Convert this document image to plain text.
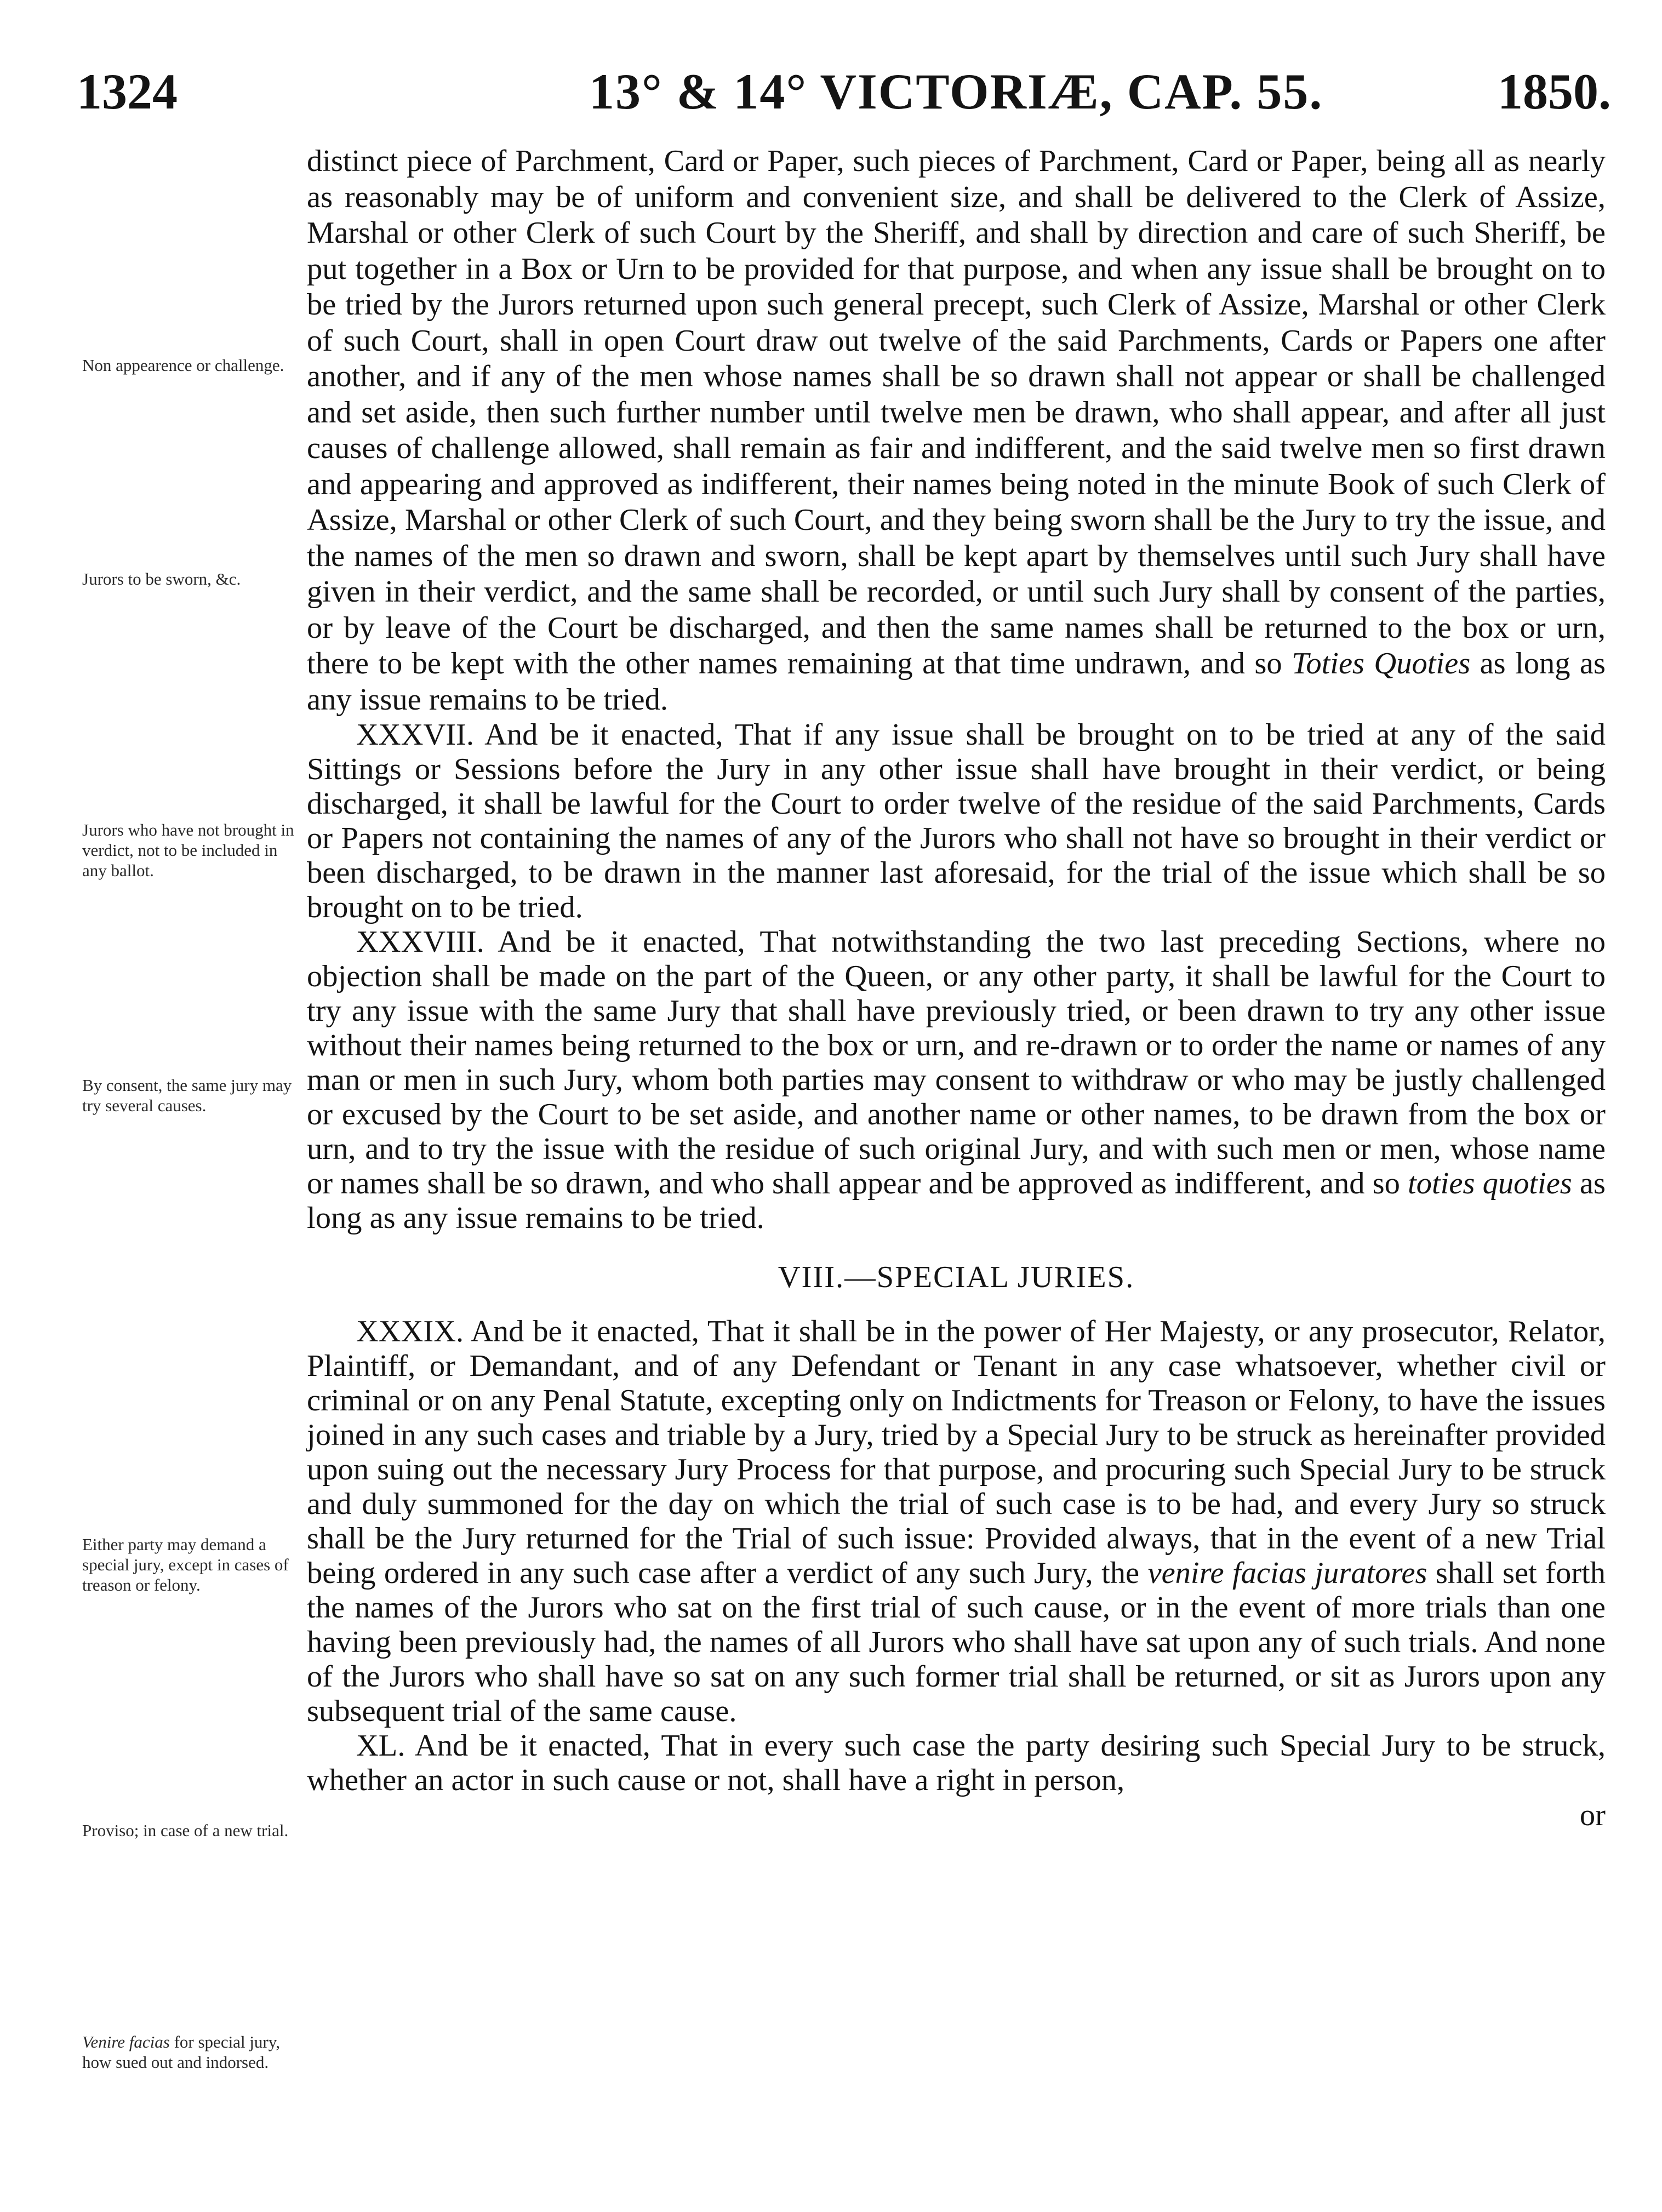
1324	13° & 14° VICTORIÆ, CAP. 55.	1850.
Non appearence or challenge.
Jurors to be sworn, &c.
Jurors who have not brought in verdict, not to be included in any ballot.
By consent, the same jury may try several causes.
Either party may demand a special jury, except in cases of treason or felony.
Proviso; in case of a new trial.
Venire facias for special jury, how sued out and indorsed.

distinct piece of Parchment, Card or Paper, such pieces of Parchment, Card or Paper, being all as nearly as reasonably may be of uniform and convenient size, and shall be delivered to the Clerk of Assize, Marshal or other Clerk of such Court by the Sheriff, and shall by direction and care of such Sheriff, be put together in a Box or Urn to be provided for that purpose, and when any issue shall be brought on to be tried by the Jurors returned upon such general precept, such Clerk of Assize, Marshal or other Clerk of such Court, shall in open Court draw out twelve of the said Parchments, Cards or Papers one after another, and if any of the men whose names shall be so drawn shall not appear or shall be challenged and set aside, then such further number until twelve men be drawn, who shall appear, and after all just causes of challenge allowed, shall remain as fair and indifferent, and the said twelve men so first drawn and appearing and approved as indifferent, their names being noted in the minute Book of such Clerk of Assize, Marshal or other Clerk of such Court, and they being sworn shall be the Jury to try the issue, and the names of the men so drawn and sworn, shall be kept apart by themselves until such Jury shall have given in their verdict, and the same shall be recorded, or until such Jury shall by consent of the parties, or by leave of the Court be discharged, and then the same names shall be returned to the box or urn, there to be kept with the other names remaining at that time undrawn, and so Toties Quoties as long as any issue remains to be tried.

XXXVII. And be it enacted, That if any issue shall be brought on to be tried at any of the said Sittings or Sessions before the Jury in any other issue shall have brought in their verdict, or being discharged, it shall be lawful for the Court to order twelve of the residue of the said Parchments, Cards or Papers not containing the names of any of the Jurors who shall not have so brought in their verdict or been discharged, to be drawn in the manner last aforesaid, for the trial of the issue which shall be so brought on to be tried.

XXXVIII. And be it enacted, That notwithstanding the two last preceding Sections, where no objection shall be made on the part of the Queen, or any other party, it shall be lawful for the Court to try any issue with the same Jury that shall have previously tried, or been drawn to try any other issue without their names being returned to the box or urn, and re-drawn or to order the name or names of any man or men in such Jury, whom both parties may consent to withdraw or who may be justly challenged or excused by the Court to be set aside, and another name or other names, to be drawn from the box or urn, and to try the issue with the residue of such original Jury, and with such men or men, whose name or names shall be so drawn, and who shall appear and be approved as indifferent, and so toties quoties as long as any issue remains to be tried.

VIII.—SPECIAL JURIES.

XXXIX. And be it enacted, That it shall be in the power of Her Majesty, or any prosecutor, Relator, Plaintiff, or Demandant, and of any Defendant or Tenant in any case whatsoever, whether civil or criminal or on any Penal Statute, excepting only on Indictments for Treason or Felony, to have the issues joined in any such cases and triable by a Jury, tried by a Special Jury to be struck as hereinafter provided upon suing out the necessary Jury Process for that purpose, and procuring such Special Jury to be struck and duly summoned for the day on which the trial of such case is to be had, and every Jury so struck shall be the Jury returned for the Trial of such issue: Provided always, that in the event of a new Trial being ordered in any such case after a verdict of any such Jury, the venire facias juratores shall set forth the names of the Jurors who sat on the first trial of such cause, or in the event of more trials than one having been previously had, the names of all Jurors who shall have sat upon any of such trials. And none of the Jurors who shall have so sat on any such former trial shall be returned, or sit as Jurors upon any subsequent trial of the same cause.

XL. And be it enacted, That in every such case the party desiring such Special Jury to be struck, whether an actor in such cause or not, shall have a right in person,

or
